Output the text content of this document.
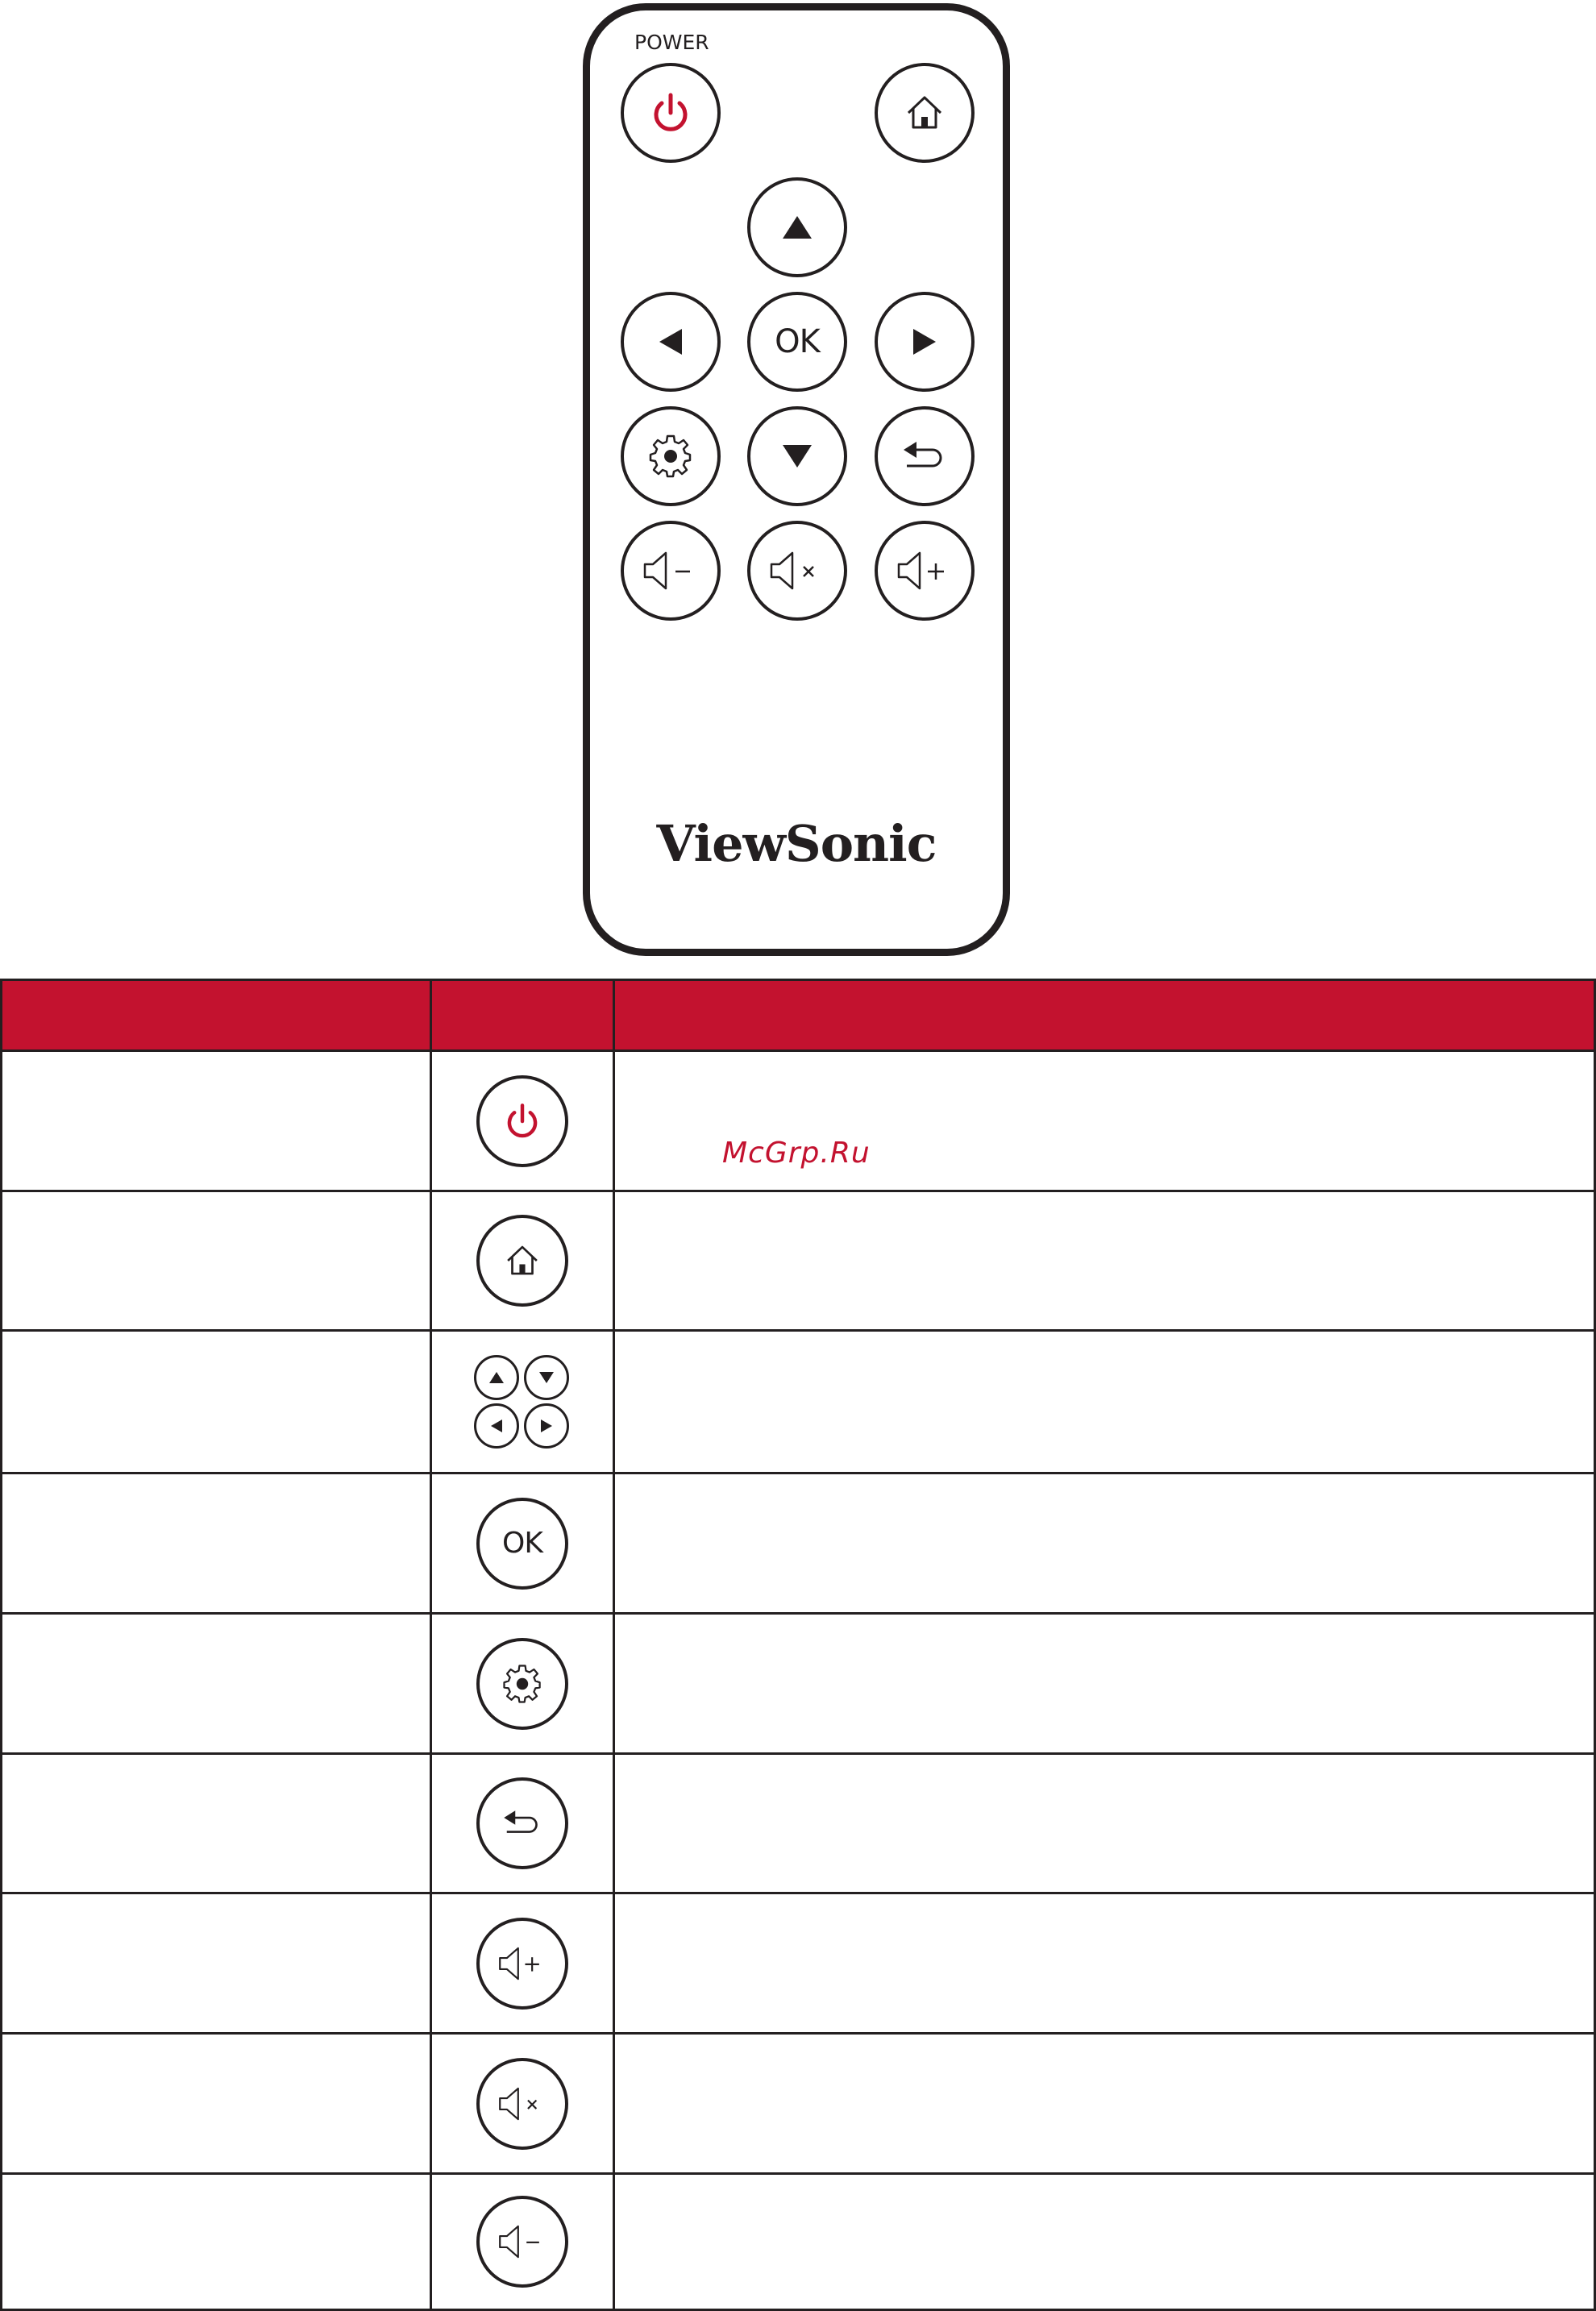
POWER
OK
ViewSonic
OK
McGrp.Ru
